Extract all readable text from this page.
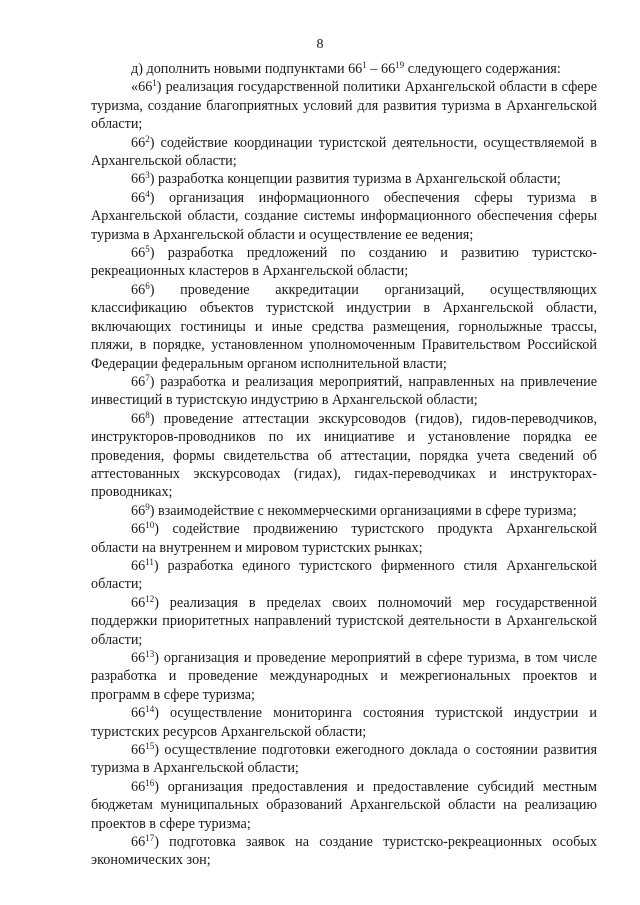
8

д) дополнить новыми подпунктами $66^1 - 66^{19}$ следующего содержания:

«$66^1$) реализация государственной политики Архангельской области в сфере туризма, создание благоприятных условий для развития туризма в Архангельской области;

$66^2$) содействие координации туристской деятельности, осуществляемой в Архангельской области;

$66^3$) разработка концепции развития туризма в Архангельской области;

$66^4$) организация информационного обеспечения сферы туризма в Архангельской области, создание системы информационного обеспечения сферы туризма в Архангельской области и осуществление ее ведения;

$66^5$) разработка предложений по созданию и развитию туристско-рекреационных кластеров в Архангельской области;

$66^6$) проведение аккредитации организаций, осуществляющих классификацию объектов туристской индустрии в Архангельской области, включающих гостиницы и иные средства размещения, горнолыжные трассы, пляжи, в порядке, установленном уполномоченным Правительством Российской Федерации федеральным органом исполнительной власти;

$66^7$) разработка и реализация мероприятий, направленных на привлечение инвестиций в туристскую индустрию в Архангельской области;

$66^8$) проведение аттестации экскурсоводов (гидов), гидов-переводчиков, инструкторов-проводников по их инициативе и установление порядка ее проведения, формы свидетельства об аттестации, порядка учета сведений об аттестованных экскурсоводах (гидах), гидах-переводчиках и инструкторах-проводниках;

$66^9$) взаимодействие с некоммерческими организациями в сфере туризма;

$66^{10}$) содействие продвижению туристского продукта Архангельской области на внутреннем и мировом туристских рынках;

$66^{11}$) разработка единого туристского фирменного стиля Архангельской области;

$66^{12}$) реализация в пределах своих полномочий мер государственной поддержки приоритетных направлений туристской деятельности в Архангельской области;

$66^{13}$) организация и проведение мероприятий в сфере туризма, в том числе разработка и проведение международных и межрегиональных проектов и программ в сфере туризма;

$66^{14}$) осуществление мониторинга состояния туристской индустрии и туристских ресурсов Архангельской области;

$66^{15}$) осуществление подготовки ежегодного доклада о состоянии развития туризма в Архангельской области;

$66^{16}$) организация предоставления и предоставление субсидий местным бюджетам муниципальных образований Архангельской области на реализацию проектов в сфере туризма;

$66^{17}$) подготовка заявок на создание туристско-рекреационных особых экономических зон;
